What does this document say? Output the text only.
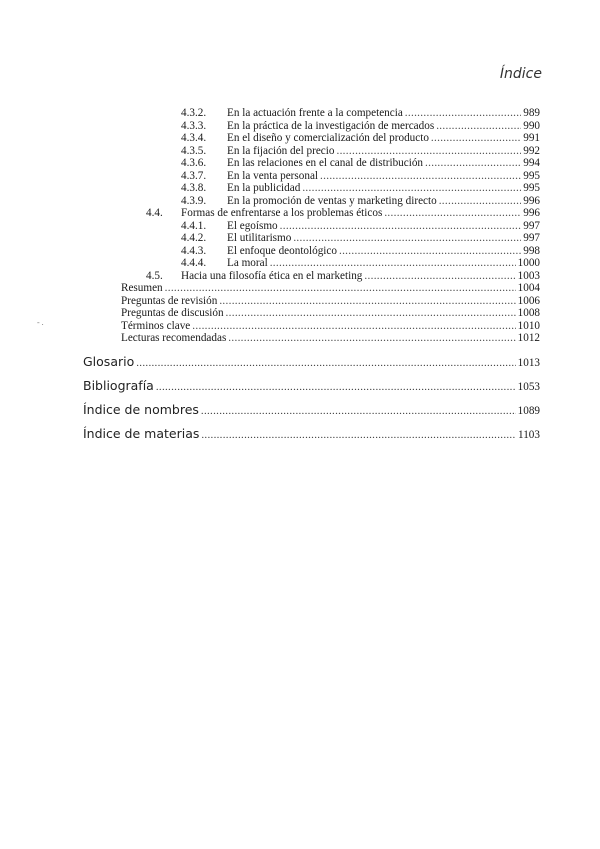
Índice
- .
4.3.2.	En la actuación frente a la competencia .....	989
4.3.3.	En la práctica de la investigación de mercados .....	990
4.3.4.	En el diseño y comercialización del producto .....	991
4.3.5.	En la fijación del precio .....	992
4.3.6.	En las relaciones en el canal de distribución .....	994
4.3.7.	En la venta personal .....	995
4.3.8.	En la publicidad .....	995
4.3.9.	En la promoción de ventas y marketing directo .....	996
4.4.	Formas de enfrentarse a los problemas éticos .....	996
4.4.1.	El egoísmo .....	997
4.4.2.	El utilitarismo .....	997
4.4.3.	El enfoque deontológico .....	998
4.4.4.	La moral .....	1000
4.5.	Hacia una filosofía ética en el marketing .....	1003
Resumen .....	1004
Preguntas de revisión .....	1006
Preguntas de discusión .....	1008
Términos clave .....	1010
Lecturas recomendadas .....	1012
Glosario .....	1013
Bibliografía .....	1053
Índice de nombres .....	1089
Índice de materias .....	1103
